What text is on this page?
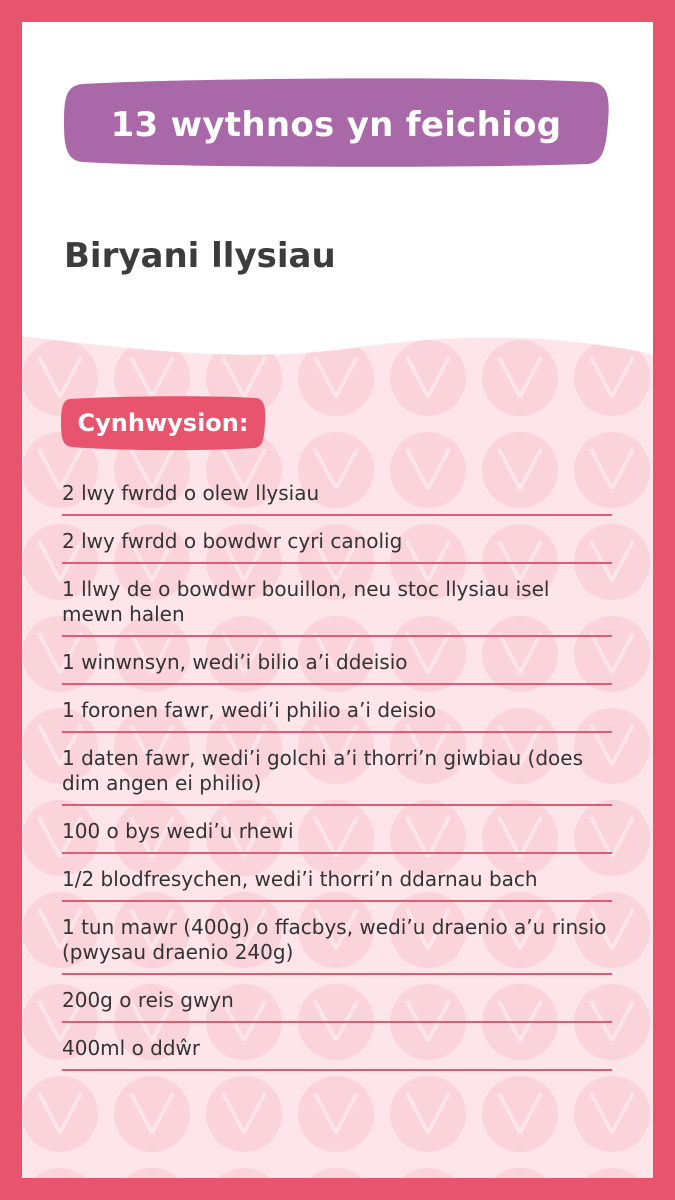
13 wythnos yn feichiog
Biryani llysiau
Cynhwysion:
2 lwy fwrdd o olew llysiau
2 lwy fwrdd o bowdwr cyri canolig
1 llwy de o bowdwr bouillon, neu stoc llysiau isel mewn halen
1 winwnsyn, wedi’i bilio a’i ddeisio
1 foronen fawr, wedi’i philio a’i deisio
1 daten fawr, wedi’i golchi a’i thorri’n giwbiau (does dim angen ei philio)
100 o bys wedi’u rhewi
1/2 blodfresychen, wedi’i thorri’n ddarnau bach
1 tun mawr (400g) o ffacbys, wedi’u draenio a’u rinsio (pwysau draenio 240g)
200g o reis gwyn
400ml o ddŵr
